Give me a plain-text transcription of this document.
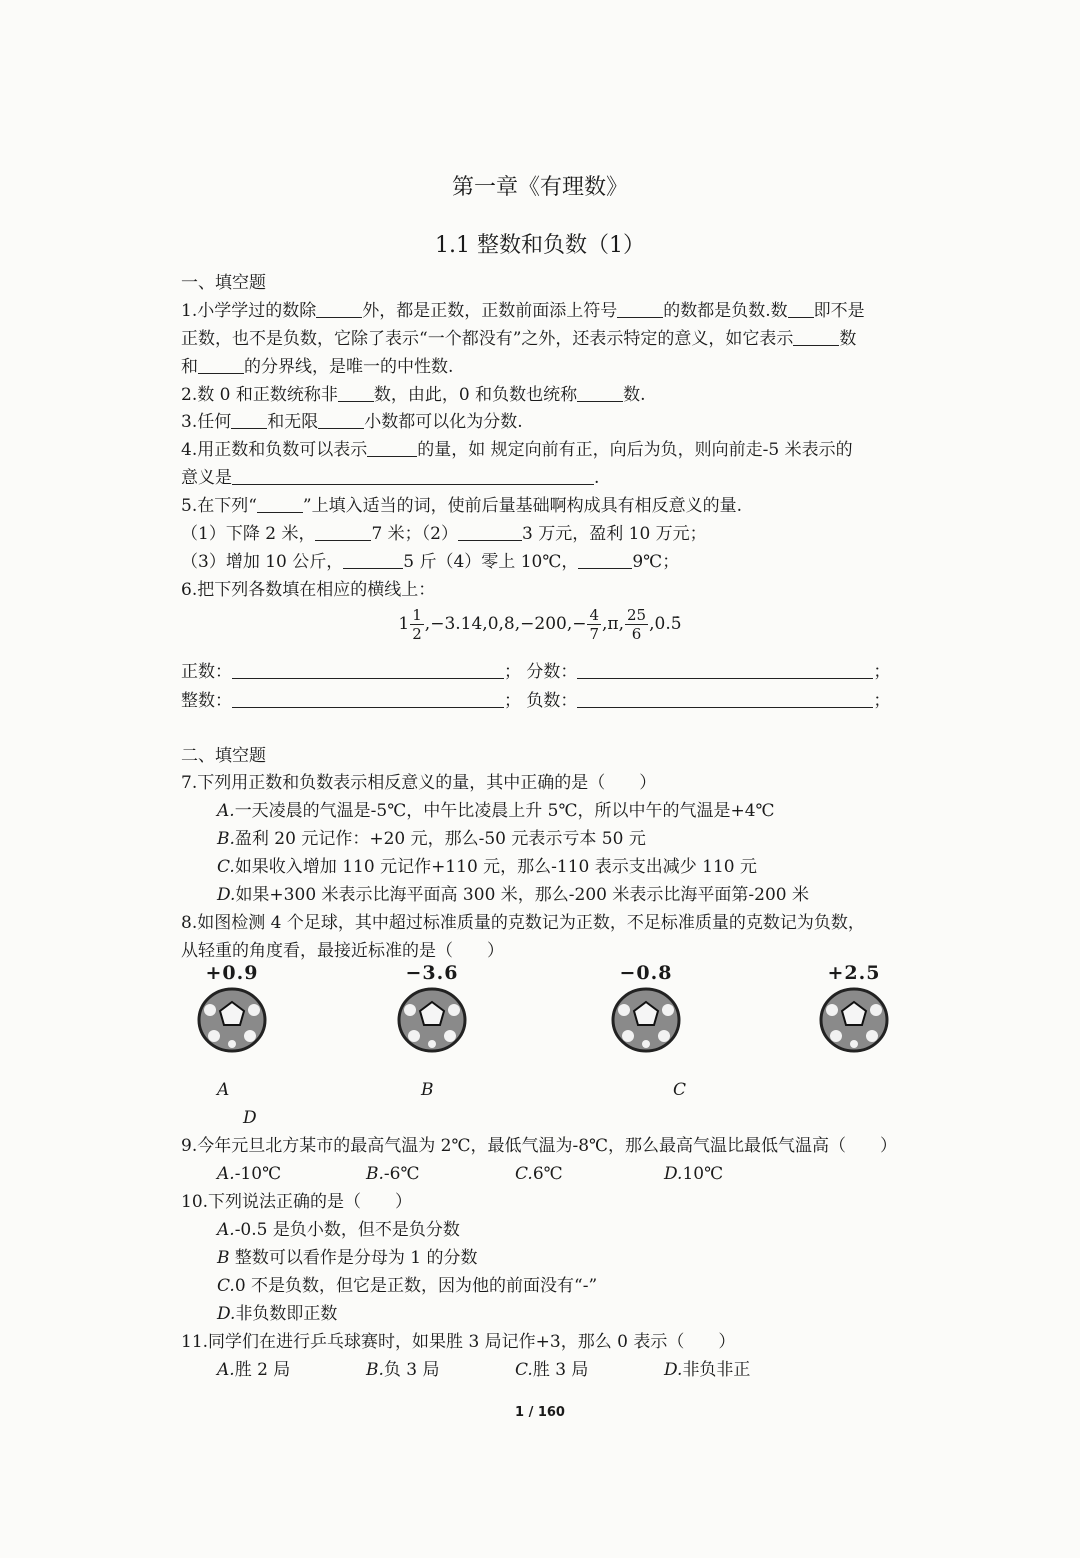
第一章《有理数》
1.1 整数和负数（1）
一、填空题
1.小学学过的数除	外，都是正数，正数前面添上符号	的数都是负数.数 即不是
正数，也不是负数，它除了表示“一个都没有”之外，还表示特定的意义，如它表示	数
和	的分界线，是唯一的中性数.
2.数 0 和正数统称非 数，由此，0 和负数也统称	数.
3.任何 和无限	小数都可以化为分数.
4.用正数和负数可以表示	的量，如 规定向前有正，向后为负，则向前走-5 米表示的
意义是	.
5.在下列“	”上填入适当的词，使前后量基础啊构成具有相反意义的量.
（1）下降 2 米，	7 米；（2）	3 万元，盈利 10 万元；
（3）增加 10 公斤，	5 斤（4）零上 10℃，	9℃；
6.把下列各数填在相应的横线上：
$1 \frac{1}{2} ,-3.14,0,8,-200,- \frac{4}{7} ,\pi$, $\frac{25}{6}$ ,0.5̇
正数：	； 分数：	；
整数：	； 负数：	；
二、填空题
7.下列用正数和负数表示相反意义的量，其中正确的是（　　）
A.一天凌晨的气温是-5℃，中午比凌晨上升 5℃，所以中午的气温是+4℃
B.盈利 20 元记作：+20 元，那么-50 元表示亏本 50 元
C.如果收入增加 110 元记作+110 元，那么-110 表示支出减少 110 元
D.如果+300 米表示比海平面高 300 米，那么-200 米表示比海平面第-200 米
8.如图检测 4 个足球，其中超过标准质量的克数记为正数，不足标准质量的克数记为负数，
从轻重的角度看，最接近标准的是（　　）
+0.9	−3.6	−0.8	+2.5
A	B	C
D
9.今年元旦北方某市的最高气温为 2℃，最低气温为-8℃，那么最高气温比最低气温高（　　）
A.-10℃	B.-6℃	C.6℃	D.10℃
10.下列说法正确的是（　　）
A.-0.5 是负小数，但不是负分数
B 整数可以看作是分母为 1 的分数
C.0 不是负数，但它是正数，因为他的前面没有“-”
D.非负数即正数
11.同学们在进行乒乓球赛时，如果胜 3 局记作+3，那么 0 表示（　　）
A.胜 2 局	B.负 3 局	C.胜 3 局	D.非负非正
1 / 160
